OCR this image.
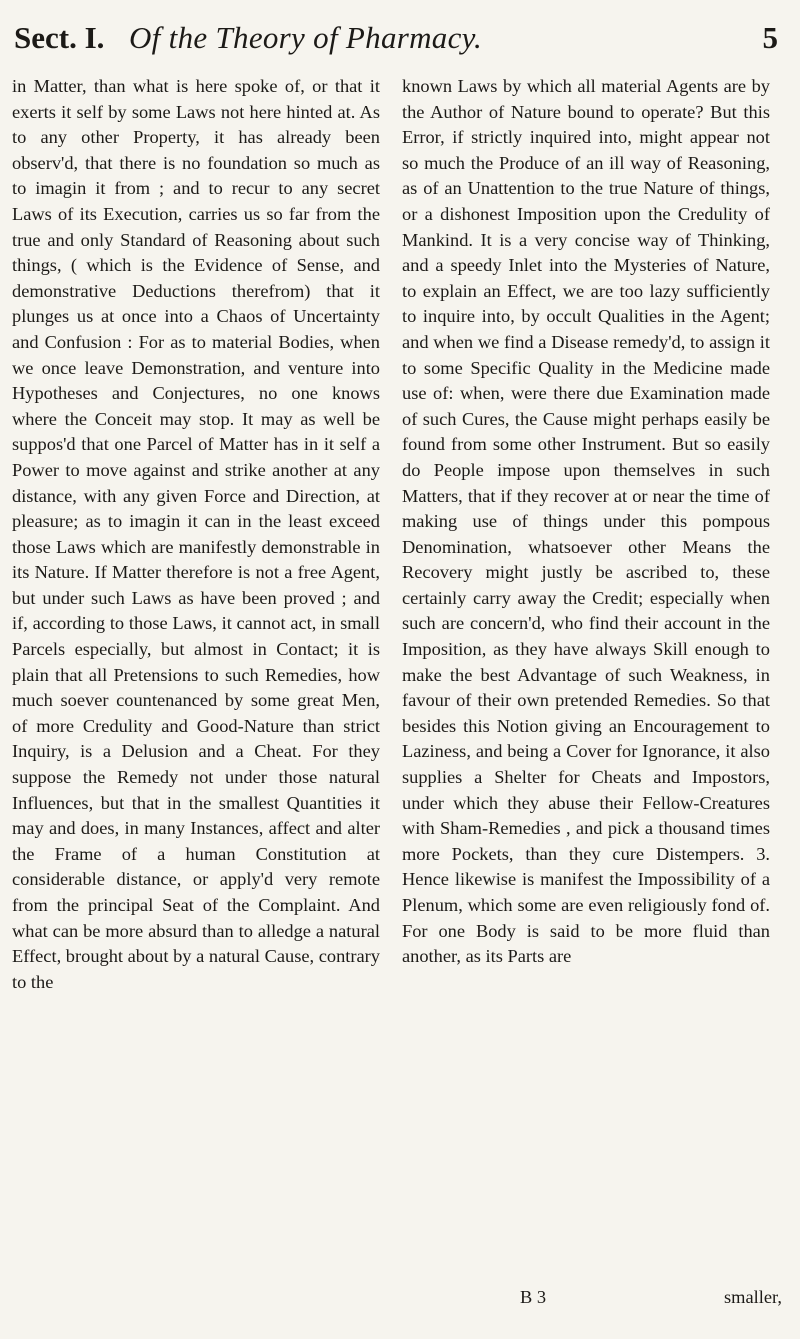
Sect. I. Of the Theory of Pharmacy.	5

in Matter, than what is here spoke of, or that it exerts it self by some Laws not here hinted at. As to any other Property, it has already been observ'd, that there is no foundation so much as to imagin it from ; and to recur to any secret Laws of its Execution, carries us so far from the true and only Standard of Reasoning about such things, ( which is the Evidence of Sense, and demonstrative Deductions therefrom) that it plunges us at once into a Chaos of Uncertainty and Confusion : For as to material Bodies, when we once leave Demonstration, and venture into Hypotheses and Conjectures, no one knows where the Conceit may stop. It may as well be suppos'd that one Parcel of Matter has in it self a Power to move against and strike another at any distance, with any given Force and Direction, at pleasure; as to imagin it can in the least exceed those Laws which are manifestly demonstrable in its Nature. If Matter therefore is not a free Agent, but under such Laws as have been proved ; and if, according to those Laws, it cannot act, in small Parcels especially, but almost in Contact; it is plain that all Pretensions to such Remedies, how much soever countenanced by some great Men, of more Credulity and Good-Nature than strict Inquiry, is a Delusion and a Cheat. For they suppose the Remedy not under those natural Influences, but that in the smallest Quantities it may and does, in many Instances, affect and alter the Frame of a human Constitution at considerable distance, or apply'd very remote from the principal Seat of the Complaint. And what can be more absurd than to alledge a natural Effect, brought about by a natural Cause, contrary to the

known Laws by which all material Agents are by the Author of Nature bound to operate? But this Error, if strictly inquired into, might appear not so much the Produce of an ill way of Reasoning, as of an Unattention to the true Nature of things, or a dishonest Imposition upon the Credulity of Mankind. It is a very concise way of Thinking, and a speedy Inlet into the Mysteries of Nature, to explain an Effect, we are too lazy sufficiently to inquire into, by occult Qualities in the Agent; and when we find a Disease remedy'd, to assign it to some Specific Quality in the Medicine made use of: when, were there due Examination made of such Cures, the Cause might perhaps easily be found from some other Instrument. But so easily do People impose upon themselves in such Matters, that if they recover at or near the time of making use of things under this pompous Denomination, whatsoever other Means the Recovery might justly be ascribed to, these certainly carry away the Credit; especially when such are concern'd, who find their account in the Imposition, as they have always Skill enough to make the best Advantage of such Weakness, in favour of their own pretended Remedies. So that besides this Notion giving an Encouragement to Laziness, and being a Cover for Ignorance, it also supplies a Shelter for Cheats and Impostors, under which they abuse their Fellow-Creatures with Sham-Remedies , and pick a thousand times more Pockets, than they cure Distempers. 3. Hence likewise is manifest the Impossibility of a Plenum, which some are even religiously fond of. For one Body is said to be more fluid than another, as its Parts are

B 3	smaller,
